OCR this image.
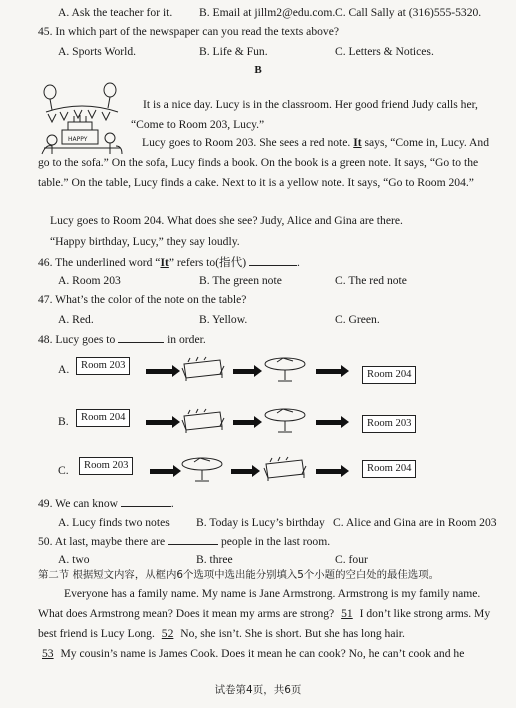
A. Ask the teacher for it. B. Email at jillm2@edu.com. C. Call Sally at (316)555-5320.
45. In which part of the newspaper can you read the texts above?
A. Sports World.	B. Life & Fun.	C. Letters & Notices.
B
HAPPY
It is a nice day. Lucy is in the classroom. Her good friend Judy calls her, “Come to Room 203, Lucy.”
Lucy goes to Room 203. She sees a red note. It says, “Come in, Lucy. And go to the sofa.” On the sofa, Lucy finds a book. On the book is a green note. It says, “Go to the table.” On the table, Lucy finds a cake. Next to it is a yellow note. It says, “Go to Room 204.”
Lucy goes to Room 204. What does she see? Judy, Alice and Gina are there.
“Happy birthday, Lucy,” they say loudly.
46. The underlined word “It” refers to(指代)	.
A. Room 203	B. The green note	C. The red note
47. What’s the color of the note on the table?
A. Red.	B. Yellow.	C. Green.
48. Lucy goes to	in order.
A.	Room 203
Room 204
B.	Room 204
Room 203
C.	Room 203	Room 204
49. We can know	.
A. Lucy finds two notes B. Today is Lucy’s birthday C. Alice and Gina are in Room 203
50. At last, maybe there are	people in the last room.
A. two	B. three	C. four
第二节 根据短文内容，从框内6个选项中选出能分别填入5个小题的空白处的最佳选项。
Everyone has a family name. My name is Jane Armstrong. Armstrong is my family name. What does Armstrong mean? Does it mean my arms are strong? 51 I don’t like strong arms. My best friend is Lucy Long. 52 No, she isn’t. She is short. But she has long hair.
53 My cousin’s name is James Cook. Does it mean he can cook? No, he can’t cook and he
试卷第4页，共6页
